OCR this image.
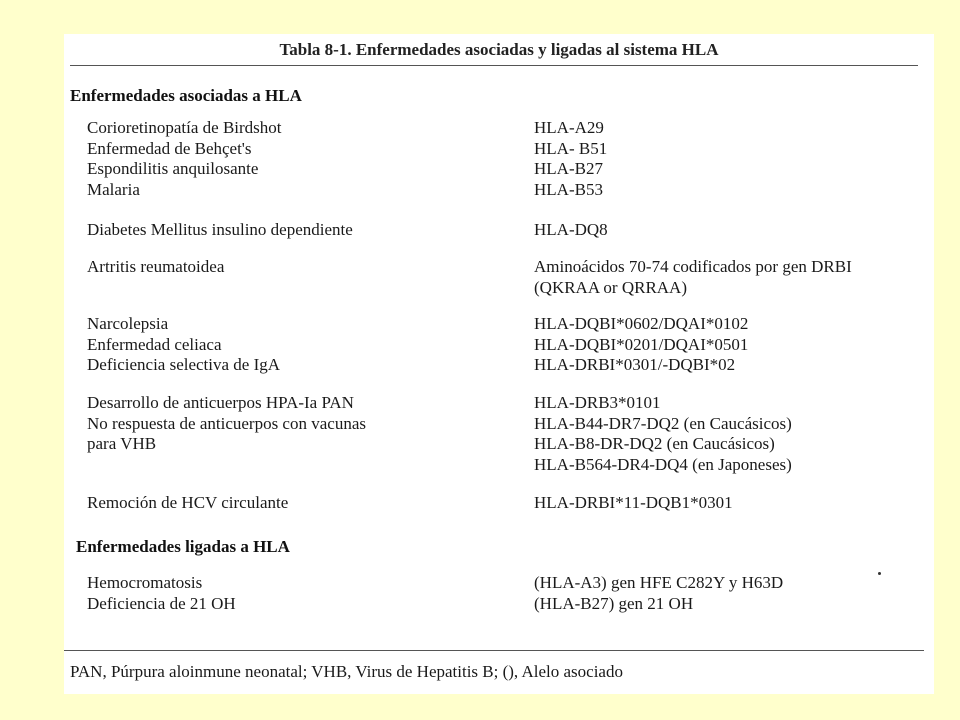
Tabla 8-1. Enfermedades asociadas y ligadas al sistema HLA
Enfermedades asociadas a HLA
Corioretinopatía de Birdshot	HLA-A29
Enfermedad de Behçet's	HLA- B51
Espondilitis anquilosante	HLA-B27
Malaria	HLA-B53
Diabetes Mellitus insulino dependiente	HLA-DQ8
Artritis reumatoidea	Aminoácidos 70-74 codificados por gen DRBI
(QKRAA or QRRAA)
Narcolepsia	HLA-DQBI*0602/DQAI*0102
Enfermedad celiaca	HLA-DQBI*0201/DQAI*0501
Deficiencia selectiva de IgA	HLA-DRBI*0301/-DQBI*02
Desarrollo de anticuerpos HPA-Ia PAN	HLA-DRB3*0101
No respuesta de anticuerpos con vacunas	HLA-B44-DR7-DQ2 (en Caucásicos)
para VHB	HLA-B8-DR-DQ2 (en Caucásicos)
HLA-B564-DR4-DQ4 (en Japoneses)
Remoción de HCV circulante	HLA-DRBI*11-DQB1*0301
Enfermedades ligadas a HLA
Hemocromatosis	(HLA-A3) gen HFE C282Y y H63D
Deficiencia de 21 OH	(HLA-B27) gen 21 OH
PAN, Púrpura aloinmune neonatal; VHB, Virus de Hepatitis B; (), Alelo asociado
